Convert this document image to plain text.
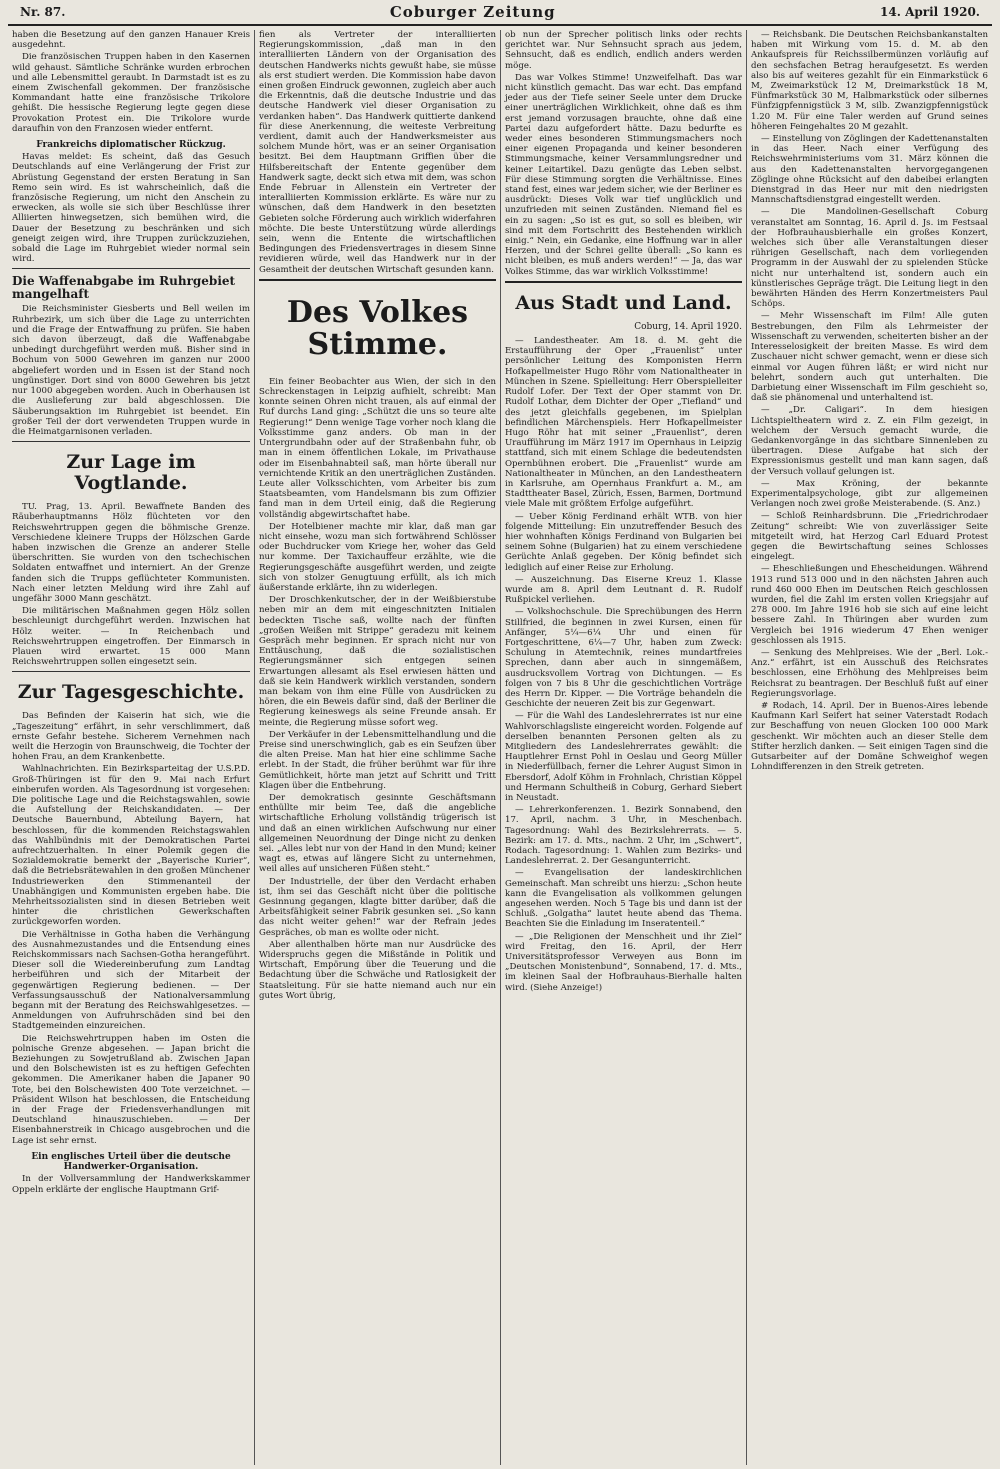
Nr. 87.	Coburger Zeitung	14. April 1920.

haben die Besetzung auf den ganzen Hanauer Kreis ausgedehnt.

Die französischen Truppen haben in den Kasernen wild gehaust. Sämtliche Schränke wurden erbrochen und alle Lebensmittel geraubt. In Darmstadt ist es zu einem Zwischenfall gekommen. Der französische Kommandant hatte eine französische Trikolore gehißt. Die hessische Regierung legte gegen diese Provokation Protest ein. Die Trikolore wurde daraufhin von den Franzosen wieder entfernt.

Frankreichs diplomatischer Rückzug.

Havas meldet: Es scheint, daß das Gesuch Deutschlands auf eine Verlängerung der Frist zur Abrüstung Gegenstand der ersten Beratung in San Remo sein wird. Es ist wahrscheinlich, daß die französische Regierung, um nicht den Anschein zu erwecken, als wolle sie sich über Beschlüsse ihrer Alliierten hinwegsetzen, sich bemühen wird, die Dauer der Besetzung zu beschränken und sich geneigt zeigen wird, ihre Truppen zurückzuziehen, sobald die Lage im Ruhrgebiet wieder normal sein wird.

Die Waffenabgabe im Ruhrgebiet mangelhaft

Die Reichsminister Giesberts und Bell weilen im Ruhrbezirk, um sich über die Lage zu unterrichten und die Frage der Entwaffnung zu prüfen. Sie haben sich davon überzeugt, daß die Waffenabgabe unbedingt durchgeführt werden muß. Bisher sind in Bochum von 5000 Gewehren im ganzen nur 2000 abgeliefert worden und in Essen ist der Stand noch ungünstiger. Dort sind von 8000 Gewehren bis jetzt nur 1000 abgegeben worden. Auch in Oberhausen ist die Auslieferung zur bald abgeschlossen. Die Säuberungsaktion im Ruhrgebiet ist beendet. Ein großer Teil der dort verwendeten Truppen wurde in die Heimatgarnisonen verladen.

Zur Lage im Vogtlande.

TU. Prag, 13. April. Bewaffnete Banden des Räuberhauptmanns Hölz flüchteten vor den Reichswehrtruppen gegen die böhmische Grenze. Verschiedene kleinere Trupps der Hölzschen Garde haben inzwischen die Grenze an anderer Stelle überschritten. Sie wurden von den tschechischen Soldaten entwaffnet und interniert. An der Grenze fanden sich die Trupps geflüchteter Kommunisten. Nach einer letzten Meldung wird ihre Zahl auf ungefähr 3000 Mann geschätzt.

Die militärischen Maßnahmen gegen Hölz sollen beschleunigt durchgeführt werden. Inzwischen hat Hölz weiter. — In Reichenbach und Reichswehrtruppen eingetroffen. Der Einmarsch in Plauen wird erwartet. 15 000 Mann Reichswehrtruppen sollen eingesetzt sein.

Zur Tagesgeschichte.

Das Befinden der Kaiserin hat sich, wie die „Tageszeitung“ erfährt, in sehr verschlimmert, daß ernste Gefahr bestehe. Sicherem Vernehmen nach weilt die Herzogin von Braunschweig, die Tochter der hohen Frau, an dem Krankenbette.

Wahlnachrichten. Ein Bezirksparteitag der U.S.P.D. Groß-Thüringen ist für den 9. Mai nach Erfurt einberufen worden. Als Tagesordnung ist vorgesehen: Die politische Lage und die Reichstagswahlen, sowie die Aufstellung der Reichskandidaten. — Der Deutsche Bauernbund, Abteilung Bayern, hat beschlossen, für die kommenden Reichstagswahlen das Wahlbündnis mit der Demokratischen Partei aufrechtzuerhalten. In einer Polemik gegen die Sozialdemokratie bemerkt der „Bayerische Kurier“, daß die Betriebsrätewahlen in den großen Münchener Industriewerken den Stimmenanteil der Unabhängigen und Kommunisten ergeben habe. Die Mehrheitssozialisten sind in diesen Betrieben weit hinter die christlichen Gewerkschaften zurückgeworfen worden.

Die Verhältnisse in Gotha haben die Verhängung des Ausnahmezustandes und die Entsendung eines Reichskommissars nach Sachsen-Gotha herangeführt. Dieser soll die Wiedereinberufung zum Landtag herbeiführen und sich der Mitarbeit der gegenwärtigen Regierung bedienen. — Der Verfassungsausschuß der Nationalversammlung begann mit der Beratung des Reichswahlgesetzes. — Anmeldungen von Aufruhrschäden sind bei den Stadtgemeinden einzureichen.

Die Reichswehrtruppen haben im Osten die polnische Grenze abgesehen. — Japan bricht die Beziehungen zu Sowjetrußland ab. Zwischen Japan und den Bolschewisten ist es zu heftigen Gefechten gekommen. Die Amerikaner haben die Japaner 90 Tote, bei den Bolschewisten 400 Tote verzeichnet. — Präsident Wilson hat beschlossen, die Entscheidung in der Frage der Friedensverhandlungen mit Deutschland hinauszuschieben. — Der Eisenbahnerstreik in Chicago ausgebrochen und die Lage ist sehr ernst.

Ein englisches Urteil über die deutsche Handwerker-Organisation.

In der Vollversammlung der Handwerkskammer Oppeln erklärte der englische Hauptmann Grif-

fien als Vertreter der interalliierten Regierungskommission, „daß man in den interalliierten Ländern von der Organisation des deutschen Handwerks nichts gewußt habe, sie müsse als erst studiert werden. Die Kommission habe davon einen großen Eindruck gewonnen, zugleich aber auch die Erkenntnis, daß die deutsche Industrie und das deutsche Handwerk viel dieser Organisation zu verdanken haben“. Das Handwerk quittierte dankend für diese Anerkennung, die weiteste Verbreitung verdient, damit auch der Handwerksmeister aus solchem Munde hört, was er an seiner Organisation besitzt. Bei dem Hauptmann Griffien über die Hilfsbereitschaft der Entente gegenüber dem Handwerk sagte, deckt sich etwa mit dem, was schon Ende Februar in Allenstein ein Vertreter der interalliierten Kommission erklärte. Es wäre nur zu wünschen, daß dem Handwerk in den besetzten Gebieten solche Förderung auch wirklich widerfahren möchte. Die beste Unterstützung würde allerdings sein, wenn die Entente die wirtschaftlichen Bedingungen des Friedensvertrages in diesem Sinne revidieren würde, weil das Handwerk nur in der Gesamtheit der deutschen Wirtschaft gesunden kann.

Des Volkes Stimme.

Ein feiner Beobachter aus Wien, der sich in den Schreckenstagen in Leipzig aufhielt, schreibt: Man konnte seinen Ohren nicht trauen, als auf einmal der Ruf durchs Land ging: „Schützt die uns so teure alte Regierung!“ Denn wenige Tage vorher noch klang die Volksstimme ganz anders. Ob man in der Untergrundbahn oder auf der Straßenbahn fuhr, ob man in einem öffentlichen Lokale, im Privathause oder im Eisenbahnabteil saß, man hörte überall nur vernichtende Kritik an den unerträglichen Zuständen. Leute aller Volksschichten, vom Arbeiter bis zum Staatsbeamten, vom Handelsmann bis zum Offizier fand man in dem Urteil einig, daß die Regierung vollständig abgewirtschaftet habe.

Der Hotelbiener machte mir klar, daß man gar nicht einsehe, wozu man sich fortwährend Schlösser oder Buchdrucker vom Kriege her, woher das Geld nur komme. Der Taxichauffeur erzählte, wie die Regierungsgeschäfte ausgeführt werden, und zeigte sich von stolzer Genugtuung erfüllt, als ich mich äußerstande erklärte, ihn zu widerlegen.

Der Droschkenkutscher, der in der Weißbierstube neben mir an dem mit eingeschnitzten Initialen bedeckten Tische saß, wollte nach der fünften „großen Weißen mit Strippe“ geradezu mit keinem Gespräch mehr beginnen. Er sprach nicht nur von Enttäuschung, daß die sozialistischen Regierungsmänner sich entgegen seinen Erwartungen allesamt als Esel erwiesen hätten und daß sie kein Handwerk wirklich verstanden, sondern man bekam von ihm eine Fülle von Ausdrücken zu hören, die ein Beweis dafür sind, daß der Berliner die Regierung keineswegs als seine Freunde ansah. Er meinte, die Regierung müsse sofort weg.

Der Verkäufer in der Lebensmittelhandlung und die Preise sind unerschwinglich, gab es ein Seufzen über die alten Preise. Man hat hier eine schlimme Sache erlebt. In der Stadt, die früher berühmt war für ihre Gemütlichkeit, hörte man jetzt auf Schritt und Tritt Klagen über die Entbehrung.

Der demokratisch gesinnte Geschäftsmann enthüllte mir beim Tee, daß die angebliche wirtschaftliche Erholung vollständig trügerisch ist und daß an einen wirklichen Aufschwung nur einer allgemeinen Neuordnung der Dinge nicht zu denken sei. „Alles lebt nur von der Hand in den Mund; keiner wagt es, etwas auf längere Sicht zu unternehmen, weil alles auf unsicheren Füßen steht.“

Der Industrielle, der über den Verdacht erhaben ist, ihm sei das Geschäft nicht über die politische Gesinnung gegangen, klagte bitter darüber, daß die Arbeitsfähigkeit seiner Fabrik gesunken sei. „So kann das nicht weiter gehen!“ war der Refrain jedes Gespräches, ob man es wollte oder nicht.

Aber allenthalben hörte man nur Ausdrücke des Widerspruchs gegen die Mißstände in Politik und Wirtschaft, Empörung über die Teuerung und die Bedachtung über die Schwäche und Ratlosigkeit der Staatsleitung. Für sie hatte niemand auch nur ein gutes Wort übrig,

ob nun der Sprecher politisch links oder rechts gerichtet war. Nur Sehnsucht sprach aus jedem, Sehnsucht, daß es endlich, endlich anders werden möge.

Das war Volkes Stimme! Unzweifelhaft. Das war nicht künstlich gemacht. Das war echt. Das empfand jeder aus der Tiefe seiner Seele unter dem Drucke einer unerträglichen Wirklichkeit, ohne daß es ihm erst jemand vorzusagen brauchte, ohne daß eine Partei dazu aufgefordert hätte. Dazu bedurfte es weder eines besonderen Stimmungsmachers noch einer eigenen Propaganda und keiner besonderen Stimmungsmache, keiner Versammlungsredner und keiner Leitartikel. Dazu genügte das Leben selbst. Für diese Stimmung sorgten die Verhältnisse. Eines stand fest, eines war jedem sicher, wie der Berliner es ausdrückt: Dieses Volk war tief unglücklich und unzufrieden mit seinen Zuständen. Niemand fiel es ein zu sagen: „So ist es gut, so soll es bleiben, wir sind mit dem Fortschritt des Bestehenden wirklich einig.“ Nein, ein Gedanke, eine Hoffnung war in aller Herzen, und der Schrei gellte überall: „So kann es nicht bleiben, es muß anders werden!“ — Ja, das war Volkes Stimme, das war wirklich Volksstimme!

Aus Stadt und Land.
Coburg, 14. April 1920.

— Landestheater. Am 18. d. M. geht die Erstaufführung der Oper „Frauenlist“ unter persönlicher Leitung des Komponisten Herrn Hofkapellmeister Hugo Röhr vom Nationaltheater in München in Szene. Spielleitung: Herr Oberspielleiter Rudolf Lofer. Der Text der Oper stammt von Dr. Rudolf Lothar, dem Dichter der Oper „Tiefland“ und des jetzt gleichfalls gegebenen, im Spielplan befindlichen Märchenspiels. Herr Hofkapellmeister Hugo Röhr hat mit seiner „Frauenlist“, deren Uraufführung im März 1917 im Opernhaus in Leipzig stattfand, sich mit einem Schlage die bedeutendsten Opernbühnen erobert. Die „Frauenlist“ wurde am Nationaltheater in München, an den Landestheatern in Karlsruhe, am Opernhaus Frankfurt a. M., am Stadttheater Basel, Zürich, Essen, Barmen, Dortmund viele Male mit größtem Erfolge aufgeführt.

— Ueber König Ferdinand erhält WTB. von hier folgende Mitteilung: Ein unzutreffender Besuch des hier wohnhaften Königs Ferdinand von Bulgarien bei seinem Sohne (Bulgarien) hat zu einem verschiedene Gerüchte Anlaß gegeben. Der König befindet sich lediglich auf einer Reise zur Erholung.

— Auszeichnung. Das Eiserne Kreuz 1. Klasse wurde am 8. April dem Leutnant d. R. Rudolf Rußpickel verliehen.

— Volkshochschule. Die Sprechübungen des Herrn Stillfried, die beginnen in zwei Kursen, einen für Anfänger, 5¼—6¼ Uhr und einen für Fortgeschrittene, 6¼—7 Uhr, haben zum Zweck: Schulung in Atemtechnik, reines mundartfreies Sprechen, dann aber auch in sinngemäßem, ausdrucksvollem Vortrag von Dichtungen. — Es folgen von 7 bis 8 Uhr die geschichtlichen Vorträge des Herrn Dr. Kipper. — Die Vorträge behandeln die Geschichte der neueren Zeit bis zur Gegenwart.

— Für die Wahl des Landeslehrerrates ist nur eine Wahlvorschlagsliste eingereicht worden. Folgende auf derselben benannten Personen gelten als zu Mitgliedern des Landeslehrerrates gewählt: die Hauptlehrer Ernst Pohl in Oeslau und Georg Müller in Niederfüllbach, ferner die Lehrer August Simon in Ebersdorf, Adolf Köhm in Frohnlach, Christian Köppel und Hermann Schultheiß in Coburg, Gerhard Siebert in Neustadt.

— Lehrerkonferenzen. 1. Bezirk Sonnabend, den 17. April, nachm. 3 Uhr, in Meschenbach. Tagesordnung: Wahl des Bezirkslehrerrats. — 5. Bezirk: am 17. d. Mts., nachm. 2 Uhr, im „Schwert“, Rodach. Tagesordnung: 1. Wahlen zum Bezirks- und Landeslehrerrat. 2. Der Gesangunterricht.

— Evangelisation der landeskirchlichen Gemeinschaft. Man schreibt uns hierzu: „Schon heute kann die Evangelisation als vollkommen gelungen angesehen werden. Noch 5 Tage bis und dann ist der Schluß. „Golgatha“ lautet heute abend das Thema. Beachten Sie die Einladung im Inseratenteil.“

— „Die Religionen der Menschheit und ihr Ziel“ wird Freitag, den 16. April, der Herr Universitätsprofessor Verweyen aus Bonn im „Deutschen Monistenbund“, Sonnabend, 17. d. Mts., im kleinen Saal der Hofbrauhaus-Bierhalle halten wird. (Siehe Anzeige!)

— Reichsbank. Die Deutschen Reichsbankanstalten haben mit Wirkung vom 15. d. M. ab den Ankaufspreis für Reichssilbermünzen vorläufig auf den sechsfachen Betrag heraufgesetzt. Es werden also bis auf weiteres gezahlt für ein Einmarkstück 6 M, Zweimarkstück 12 M, Dreimarkstück 18 M, Fünfmarkstück 30 M, Halbmarkstück oder silbernes Fünfzigpfennigstück 3 M, silb. Zwanzigpfennigstück 1.20 M. Für eine Taler werden auf Grund seines höheren Feingehaltes 20 M gezahlt.

— Einstellung von Zöglingen der Kadettenanstalten in das Heer. Nach einer Verfügung des Reichswehrministeriums vom 31. März können die aus den Kadettenanstalten hervorgegangenen Zöglinge ohne Rücksicht auf den dabeibei erlangten Dienstgrad in das Heer nur mit den niedrigsten Mannschaftsdienstgrad eingestellt werden.

— Die Mandolinen-Gesellschaft Coburg veranstaltet am Sonntag, 16. April d. Js. im Festsaal der Hofbrauhausbierhalle ein großes Konzert, welches sich über alle Veranstaltungen dieser rührigen Gesellschaft, nach dem vorliegenden Programm in der Auswahl der zu spielenden Stücke nicht nur unterhaltend ist, sondern auch ein künstlerisches Gepräge trägt. Die Leitung liegt in den bewährten Händen des Herrn Konzertmeisters Paul Schöps.

— Mehr Wissenschaft im Film! Alle guten Bestrebungen, den Film als Lehrmeister der Wissenschaft zu verwenden, scheiterten bisher an der Interesselosigkeit der breiten Masse. Es wird dem Zuschauer nicht schwer gemacht, wenn er diese sich einmal vor Augen führen läßt; er wird nicht nur belehrt, sondern auch gut unterhalten. Die Darbietung einer Wissenschaft im Film geschieht so, daß sie phänomenal und unterhaltend ist.

— „Dr. Caligari“. In dem hiesigen Lichtspieltheatern wird z. Z. ein Film gezeigt, in welchem der Versuch gemacht wurde, die Gedankenvorgänge in das sichtbare Sinnenleben zu übertragen. Diese Aufgabe hat sich der Expressionismus gestellt und man kann sagen, daß der Versuch vollauf gelungen ist.

— Max Kröning, der bekannte Experimentalpsychologe, gibt zur allgemeinen Verlangen noch zwei große Meisterabende. (S. Anz.)

— Schloß Reinhardsbrunn. Die „Friedrichrodaer Zeitung“ schreibt: Wie von zuverlässiger Seite mitgeteilt wird, hat Herzog Carl Eduard Protest gegen die Bewirtschaftung seines Schlosses eingelegt.

— Eheschließungen und Ehescheidungen. Während 1913 rund 513 000 und in den nächsten Jahren auch rund 460 000 Ehen im Deutschen Reich geschlossen wurden, fiel die Zahl im ersten vollen Kriegsjahr auf 278 000. Im Jahre 1916 hob sie sich auf eine leicht bessere Zahl. In Thüringen aber wurden zum Vergleich bei 1916 wiederum 47 Ehen weniger geschlossen als 1915.

— Senkung des Mehlpreises. Wie der „Berl. Lok.-Anz.“ erfährt, ist ein Ausschuß des Reichsrates beschlossen, eine Erhöhung des Mehlpreises beim Reichsrat zu beantragen. Der Beschluß fußt auf einer Regierungsvorlage.

# Rodach, 14. April. Der in Buenos-Aires lebende Kaufmann Karl Seifert hat seiner Vaterstadt Rodach zur Beschaffung von neuen Glocken 100 000 Mark geschenkt. Wir möchten auch an dieser Stelle dem Stifter herzlich danken. — Seit einigen Tagen sind die Gutsarbeiter auf der Domäne Schweighof wegen Lohndifferenzen in den Streik getreten.
